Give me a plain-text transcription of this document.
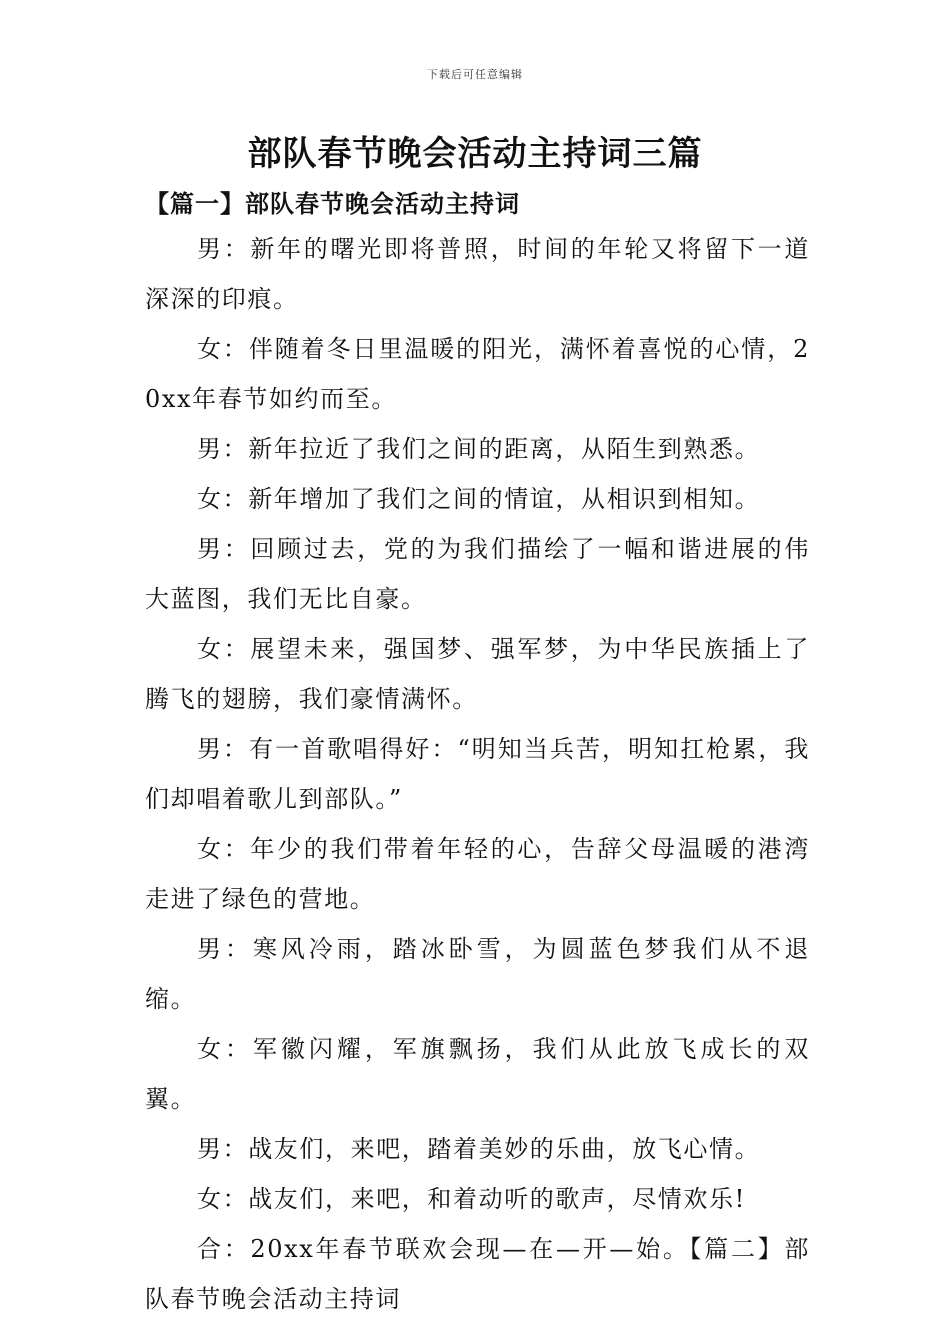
下载后可任意编辑
部队春节晚会活动主持词三篇
【篇一】部队春节晚会活动主持词

男：新年的曙光即将普照，时间的年轮又将留下一道深深的印痕。

女：伴随着冬日里温暖的阳光，满怀着喜悦的心情，20xx年春节如约而至。

男：新年拉近了我们之间的距离，从陌生到熟悉。

女：新年增加了我们之间的情谊，从相识到相知。

男：回顾过去，党的为我们描绘了一幅和谐进展的伟大蓝图，我们无比自豪。

女：展望未来，强国梦、强军梦，为中华民族插上了腾飞的翅膀，我们豪情满怀。

男：有一首歌唱得好：“明知当兵苦，明知扛枪累，我们却唱着歌儿到部队。”

女：年少的我们带着年轻的心，告辞父母温暖的港湾走进了绿色的营地。

男：寒风冷雨，踏冰卧雪，为圆蓝色梦我们从不退缩。

女：军徽闪耀，军旗飘扬，我们从此放飞成长的双翼。

男：战友们，来吧，踏着美妙的乐曲，放飞心情。

女：战友们，来吧，和着动听的歌声，尽情欢乐!

合：20xx年春节联欢会现—在—开—始。【篇二】部队春节晚会活动主持词
